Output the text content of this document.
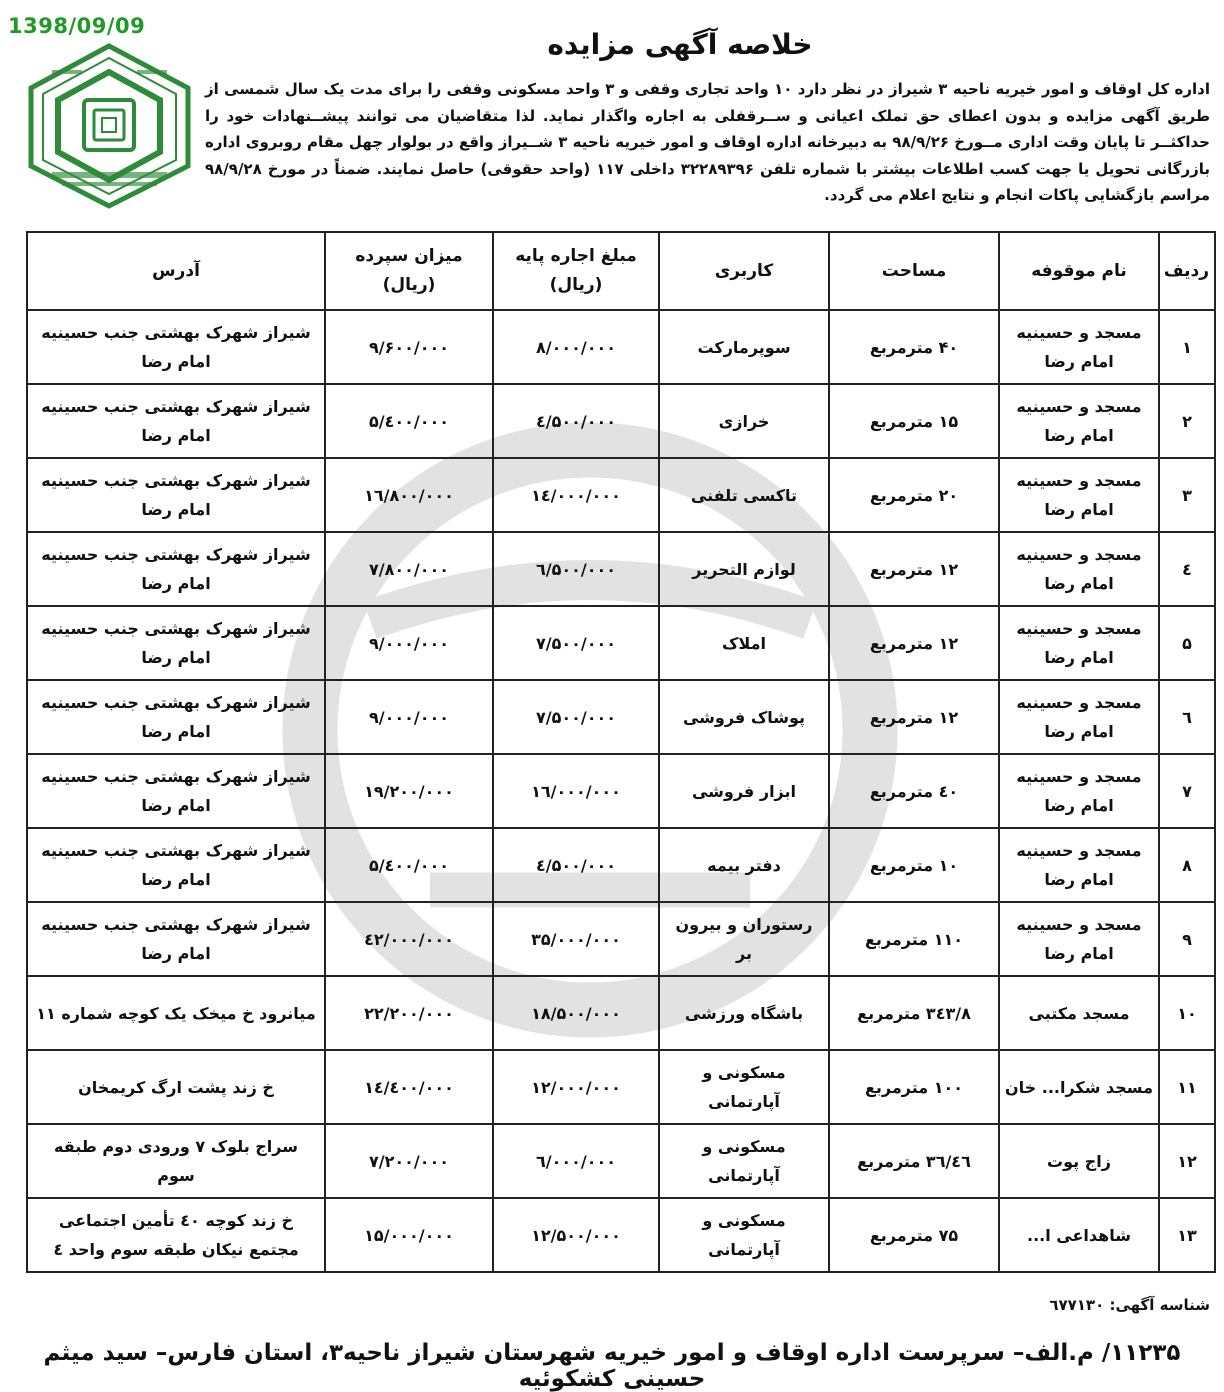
1398/09/09
خلاصه آگهی مزایده

اداره کل اوقاف و امور خیریه ناحیه ۳ شیراز در نظر دارد ۱۰ واحد تجاری وقفی و ۳ واحد مسکونی وقفی را برای مدت یک سال شمسی از طریق آگهی مزایده و بدون اعطای حق تملک اعیانی و ســرقفلی به اجاره واگذار نماید. لذا متقاضیان می توانند پیشــنهادات خود را حداکثــر تا پایان وقت اداری مــورخ ۹۸/۹/۲۶ به دبیرخانه اداره اوقاف و امور خیریه ناحیه ۳ شــیراز واقع در بولوار چهل مقام روبروی اداره بازرگانی تحویل یا جهت کسب اطلاعات بیشتر با شماره تلفن ۳۲۲۸۹۳۹۶ داخلی ۱۱۷ (واحد حقوقی) حاصل نمایند. ضمناً در مورخ ۹۸/۹/۲۸ مراسم بازگشایی پاکات انجام و نتایج اعلام می گردد.

ردیف	نام موقوفه	مساحت	کاربری	مبلغ اجاره پایه (ریال)	میزان سپرده (ریال)	آدرس
۱	مسجد و حسینیه امام رضا	۴۰ مترمربع	سوپرمارکت	۸/۰۰۰/۰۰۰	۹/۶۰۰/۰۰۰	شیراز شهرک بهشتی جنب حسینیه امام رضا
۲	مسجد و حسینیه امام رضا	۱۵ مترمربع	خرازی	٤/۵۰۰/۰۰۰	۵/٤۰۰/۰۰۰	شیراز شهرک بهشتی جنب حسینیه امام رضا
۳	مسجد و حسینیه امام رضا	۲۰ مترمربع	تاکسی تلفنی	۱٤/۰۰۰/۰۰۰	۱٦/۸۰۰/۰۰۰	شیراز شهرک بهشتی جنب حسینیه امام رضا
٤	مسجد و حسینیه امام رضا	۱۲ مترمربع	لوازم التحریر	٦/۵۰۰/۰۰۰	۷/۸۰۰/۰۰۰	شیراز شهرک بهشتی جنب حسینیه امام رضا
۵	مسجد و حسینیه امام رضا	۱۲ مترمربع	املاک	۷/۵۰۰/۰۰۰	۹/۰۰۰/۰۰۰	شیراز شهرک بهشتی جنب حسینیه امام رضا
٦	مسجد و حسینیه امام رضا	۱۲ مترمربع	پوشاک فروشی	۷/۵۰۰/۰۰۰	۹/۰۰۰/۰۰۰	شیراز شهرک بهشتی جنب حسینیه امام رضا
۷	مسجد و حسینیه امام رضا	٤۰ مترمربع	ابزار فروشی	۱٦/۰۰۰/۰۰۰	۱۹/۲۰۰/۰۰۰	شیراز شهرک بهشتی جنب حسینیه امام رضا
۸	مسجد و حسینیه امام رضا	۱۰ مترمربع	دفتر بیمه	٤/۵۰۰/۰۰۰	۵/٤۰۰/۰۰۰	شیراز شهرک بهشتی جنب حسینیه امام رضا
۹	مسجد و حسینیه امام رضا	۱۱۰ مترمربع	رستوران و بیرون بر	۳۵/۰۰۰/۰۰۰	٤۲/۰۰۰/۰۰۰	شیراز شهرک بهشتی جنب حسینیه امام رضا
۱۰	مسجد مکتبی	۳٤۳/۸ مترمربع	باشگاه ورزشی	۱۸/۵۰۰/۰۰۰	۲۲/۲۰۰/۰۰۰	میانرود خ میخک یک کوچه شماره ۱۱
۱۱	مسجد شکرا... خان	۱۰۰ مترمربع	مسکونی و آپارتمانی	۱۲/۰۰۰/۰۰۰	۱٤/٤۰۰/۰۰۰	خ زند پشت ارگ کریمخان
۱۲	زاج پوت	٤٦/۳٦ مترمربع	مسکونی و آپارتمانی	٦/۰۰۰/۰۰۰	۷/۲۰۰/۰۰۰	سراج بلوک ۷ ورودی دوم طبقه سوم
۱۳	شاهداعی ا...	۷۵ مترمربع	مسکونی و آپارتمانی	۱۲/۵۰۰/۰۰۰	۱۵/۰۰۰/۰۰۰	خ زند کوچه ٤۰ تأمین اجتماعی مجتمع نیکان طبقه سوم واحد ٤
شناسه آگهی: ٦٧۷۱۳۰
۱۱۲۳۵/ م.الف– سرپرست اداره اوقاف و امور خیریه شهرستان شیراز ناحیه۳، استان فارس– سید میثم حسینی کشکوئیه
